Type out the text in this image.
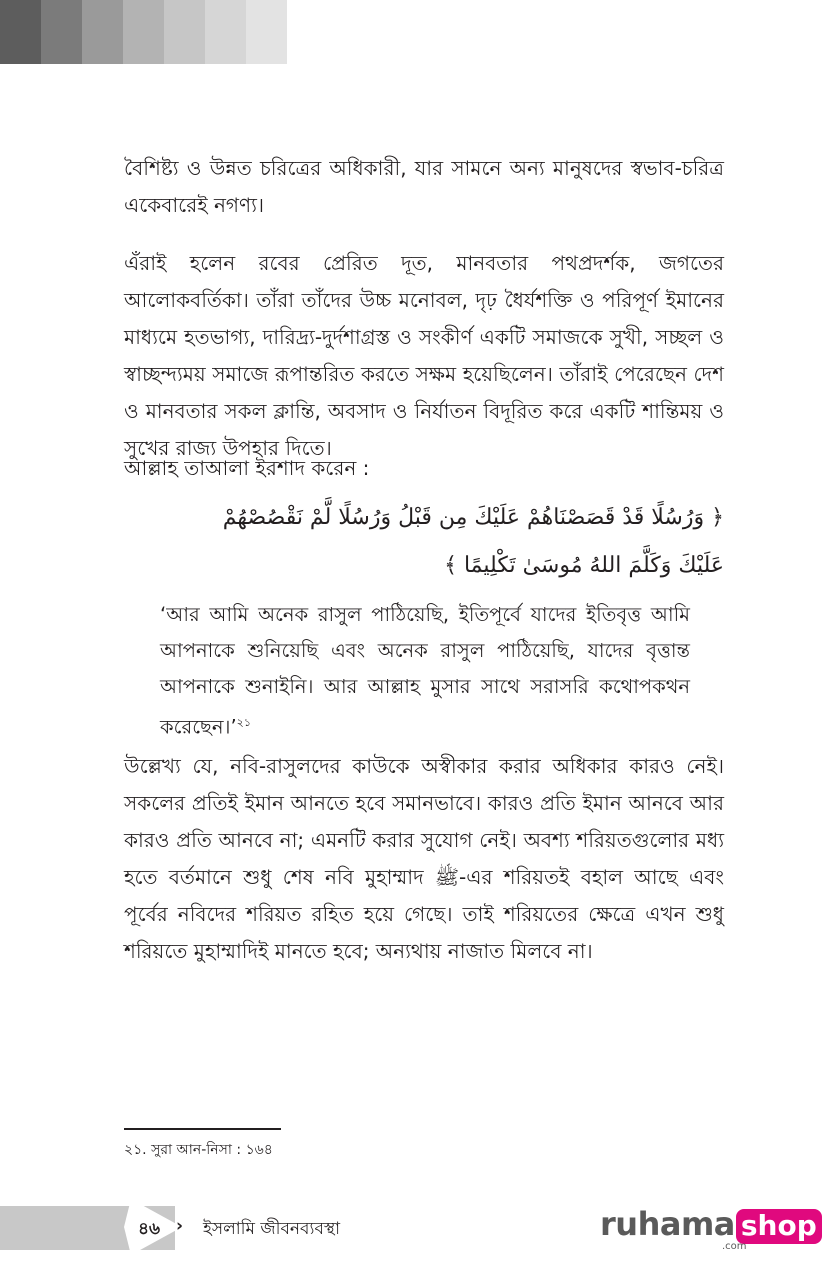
বৈশিষ্ট্য ও উন্নত চরিত্রের অধিকারী, যার সামনে অন্য মানুষদের স্বভাব-চরিত্র একেবারেই নগণ্য।

এঁরাই হলেন রবের প্রেরিত দূত, মানবতার পথপ্রদর্শক, জগতের আলোকবর্তিকা। তাঁরা তাঁদের উচ্চ মনোবল, দৃঢ় ধৈর্যশক্তি ও পরিপূর্ণ ইমানের মাধ্যমে হতভাগ্য, দারিদ্র্য-দুর্দশাগ্রস্ত ও সংকীর্ণ একটি সমাজকে সুখী, সচ্ছল ও স্বাচ্ছন্দ্যময় সমাজে রূপান্তরিত করতে সক্ষম হয়েছিলেন। তাঁরাই পেরেছেন দেশ ও মানবতার সকল ক্লান্তি, অবসাদ ও নির্যাতন বিদূরিত করে একটি শান্তিময় ও সুখের রাজ্য উপহার দিতে।

আল্লাহ তাআলা ইরশাদ করেন :

﴿ وَرُسُلًا قَدْ قَصَصْنَاهُمْ عَلَيْكَ مِن قَبْلُ وَرُسُلًا لَّمْ نَقْصُصْهُمْ

عَلَيْكَ وَكَلَّمَ اللهُ مُوسَىٰ تَكْلِيمًا ﴾

‘আর আমি অনেক রাসুল পাঠিয়েছি, ইতিপূর্বে যাদের ইতিবৃত্ত আমি আপনাকে শুনিয়েছি এবং অনেক রাসুল পাঠিয়েছি, যাদের বৃত্তান্ত আপনাকে শুনাইনি। আর আল্লাহ মুসার সাথে সরাসরি কথোপকথন করেছেন।’$^{২১}$

উল্লেখ্য যে, নবি-রাসুলদের কাউকে অস্বীকার করার অধিকার কারও নেই। সকলের প্রতিই ইমান আনতে হবে সমানভাবে। কারও প্রতি ইমান আনবে আর কারও প্রতি আনবে না; এমনটি করার সুযোগ নেই। অবশ্য শরিয়তগুলোর মধ্য হতে বর্তমানে শুধু শেষ নবি মুহাম্মাদ ﷺ-এর শরিয়তই বহাল আছে এবং পূর্বের নবিদের শরিয়ত রহিত হয়ে গেছে। তাই শরিয়তের ক্ষেত্রে এখন শুধু শরিয়তে মুহাম্মাদিই মানতে হবে; অন্যথায় নাজাত মিলবে না।

২১. সুরা আন-নিসা : ১৬৪
৪৬ › ইসলামি জীবনব্যবস্থা	ruhama shop
.com
